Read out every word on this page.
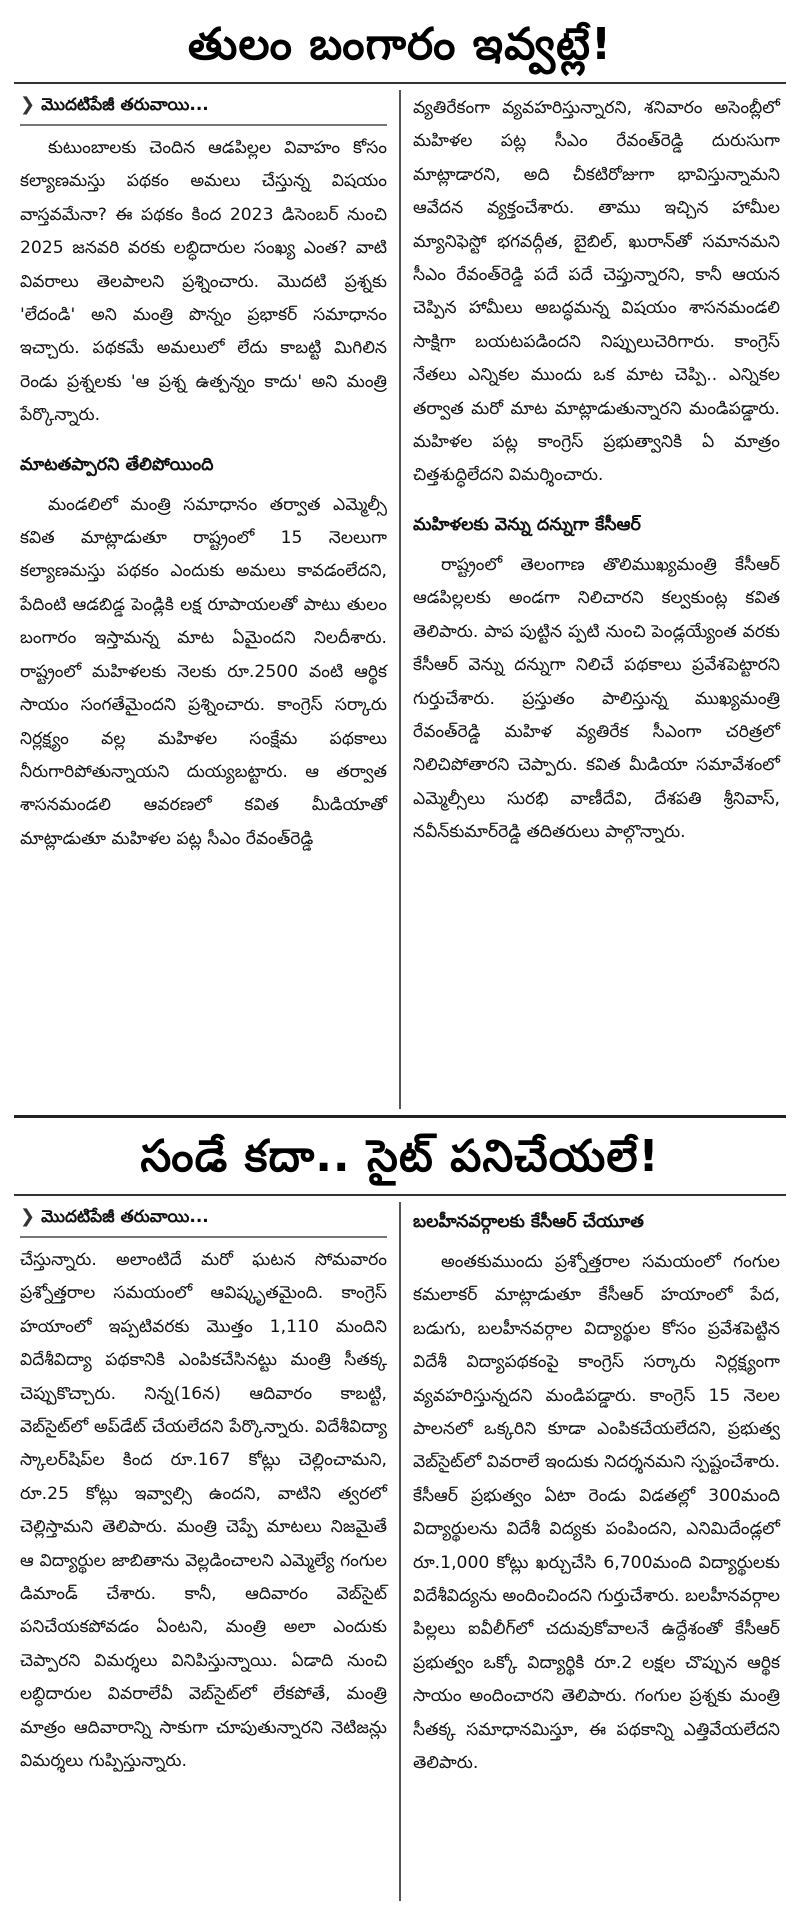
తులం బంగారం ఇవ్వట్లే!
❯ మొదటిపేజీ తరువాయి...

కుటుంబాలకు చెందిన ఆడపిల్లల వివాహం కోసం కల్యాణమస్తు పథకం అమలు చేస్తున్న విషయం వాస్తవమేనా? ఈ పథకం కింద 2023 డిసెంబర్ నుంచి 2025 జనవరి వరకు లబ్ధిదారుల సంఖ్య ఎంత? వాటి వివరాలు తెలపాలని ప్రశ్నించారు. మొదటి ప్రశ్నకు 'లేదండి' అని మంత్రి పొన్నం ప్రభాకర్ సమాధానం ఇచ్చారు. పథకమే అమలులో లేదు కాబట్టి మిగిలిన రెండు ప్రశ్నలకు 'ఆ ప్రశ్న ఉత్పన్నం కాదు' అని మంత్రి పేర్కొన్నారు.

మాటతప్పారని తేలిపోయింది

మండలిలో మంత్రి సమాధానం తర్వాత ఎమ్మెల్సీ కవిత మాట్లాడుతూ రాష్ట్రంలో 15 నెలలుగా కల్యాణమస్తు పథకం ఎందుకు అమలు కావడంలేదని, పేదింటి ఆడబిడ్డ పెండ్లికి లక్ష రూపాయలతో పాటు తులం బంగారం ఇస్తామన్న మాట ఏమైందని నిలదీశారు. రాష్ట్రంలో మహిళలకు నెలకు రూ.2500 వంటి ఆర్థిక సాయం సంగతేమైందని ప్రశ్నించారు. కాంగ్రెస్ సర్కారు నిర్లక్ష్యం వల్ల మహిళల సంక్షేమ పథకాలు నీరుగారిపోతున్నాయని దుయ్యబట్టారు. ఆ తర్వాత శాసనమండలి ఆవరణలో కవిత మీడియాతో మాట్లాడుతూ మహిళల పట్ల సీఎం రేవంత్‌రెడ్డి

వ్యతిరేకంగా వ్యవహరిస్తున్నారని, శనివారం అసెంబ్లీలో మహిళల పట్ల సీఎం రేవంత్‌రెడ్డి దురుసుగా మాట్లాడారని, అది చీకటిరోజుగా భావిస్తున్నామని ఆవేదన వ్యక్తంచేశారు. తాము ఇచ్చిన హామీల మ్యానిఫెస్టో భగవద్గీత, బైబిల్, ఖురాన్‌తో సమానమని సీఎం రేవంత్‌రెడ్డి పదే పదే చెప్తున్నారని, కానీ ఆయన చెప్పిన హామీలు అబద్ధమన్న విషయం శాసనమండలి సాక్షిగా బయటపడిందని నిప్పులుచెరిగారు. కాంగ్రెస్ నేతలు ఎన్నికల ముందు ఒక మాట చెప్పి.. ఎన్నికల తర్వాత మరో మాట మాట్లాడుతున్నారని మండిపడ్డారు. మహిళల పట్ల కాంగ్రెస్ ప్రభుత్వానికి ఏ మాత్రం చిత్తశుద్ధిలేదని విమర్శించారు.

మహిళలకు వెన్ను దన్నుగా కేసీఆర్

రాష్ట్రంలో తెలంగాణ తొలిముఖ్యమంత్రి కేసీఆర్ ఆడపిల్లలకు అండగా నిలిచారని కల్వకుంట్ల కవిత తెలిపారు. పాప పుట్టిన ప్పటి నుంచి పెండ్లయ్యేంత వరకు కేసీఆర్ వెన్ను దన్నుగా నిలిచే పథకాలు ప్రవేశపెట్టారని గుర్తుచేశారు. ప్రస్తుతం పాలిస్తున్న ముఖ్యమంత్రి రేవంత్‌రెడ్డి మహిళ వ్యతిరేక సీఎంగా చరిత్రలో నిలిచిపోతారని చెప్పారు. కవిత మీడియా సమావేశంలో ఎమ్మెల్సీలు సురభి వాణీదేవి, దేశపతి శ్రీనివాస్, నవీన్‌కుమార్‌రెడ్డి తదితరులు పాల్గొన్నారు.

సండే కదా.. సైట్ పనిచేయలే!
❯ మొదటిపేజీ తరువాయి...

చేస్తున్నారు. అలాంటిదే మరో ఘటన సోమవారం ప్రశ్నోత్తరాల సమయంలో ఆవిష్కృతమైంది. కాంగ్రెస్ హయాంలో ఇప్పటివరకు మొత్తం 1,110 మందిని విదేశీవిద్యా పథకానికి ఎంపికచేసినట్టు మంత్రి సీతక్క చెప్పుకొచ్చారు. నిన్న(16న) ఆదివారం కాబట్టి, వెబ్‌సైట్‌లో అప్‌డేట్ చేయలేదని పేర్కొన్నారు. విదేశీవిద్యా స్కాలర్‌షిప్‌ల కింద రూ.167 కోట్లు చెల్లించామని, రూ.25 కోట్లు ఇవ్వాల్సి ఉందని, వాటిని త్వరలో చెల్లిస్తామని తెలిపారు. మంత్రి చెప్పే మాటలు నిజమైతే ఆ విద్యార్థుల జాబితాను వెల్లడించాలని ఎమ్మెల్యే గంగుల డిమాండ్ చేశారు. కానీ, ఆదివారం వెబ్‌సైట్ పనిచేయకపోవడం ఏంటని, మంత్రి అలా ఎందుకు చెప్పారని విమర్శలు వినిపిస్తున్నాయి. ఏడాది నుంచి లబ్ధిదారుల వివరాలేవీ వెబ్‌సైట్‌లో లేకపోతే, మంత్రి మాత్రం ఆదివారాన్ని సాకుగా చూపుతున్నారని నెటిజన్లు విమర్శలు గుప్పిస్తున్నారు.

బలహీనవర్గాలకు కేసీఆర్ చేయూత

అంతకుముందు ప్రశ్నోత్తరాల సమయంలో గంగుల కమలాకర్ మాట్లాడుతూ కేసీఆర్ హయాంలో పేద, బడుగు, బలహీనవర్గాల విద్యార్థుల కోసం ప్రవేశపెట్టిన విదేశీ విద్యాపథకంపై కాంగ్రెస్ సర్కారు నిర్లక్ష్యంగా వ్యవహరిస్తున్నదని మండిపడ్డారు. కాంగ్రెస్ 15 నెలల పాలనలో ఒక్కరిని కూడా ఎంపికచేయలేదని, ప్రభుత్వ వెబ్‌సైట్‌లో వివరాలే ఇందుకు నిదర్శనమని స్పష్టంచేశారు. కేసీఆర్ ప్రభుత్వం ఏటా రెండు విడతల్లో 300మంది విద్యార్థులను విదేశీ విద్యకు పంపిందని, ఎనిమిదేండ్లలో రూ.1,000 కోట్లు ఖర్చుచేసి 6,700మంది విద్యార్థులకు విదేశీవిద్యను అందించిందని గుర్తుచేశారు. బలహీనవర్గాల పిల్లలు ఐవీలీగ్‌లో చదువుకోవాలనే ఉద్దేశంతో కేసీఆర్ ప్రభుత్వం ఒక్కో విద్యార్థికి రూ.2 లక్షల చొప్పున ఆర్థిక సాయం అందించారని తెలిపారు. గంగుల ప్రశ్నకు మంత్రి సీతక్క సమాధానమిస్తూ, ఈ పథకాన్ని ఎత్తివేయలేదని తెలిపారు.
